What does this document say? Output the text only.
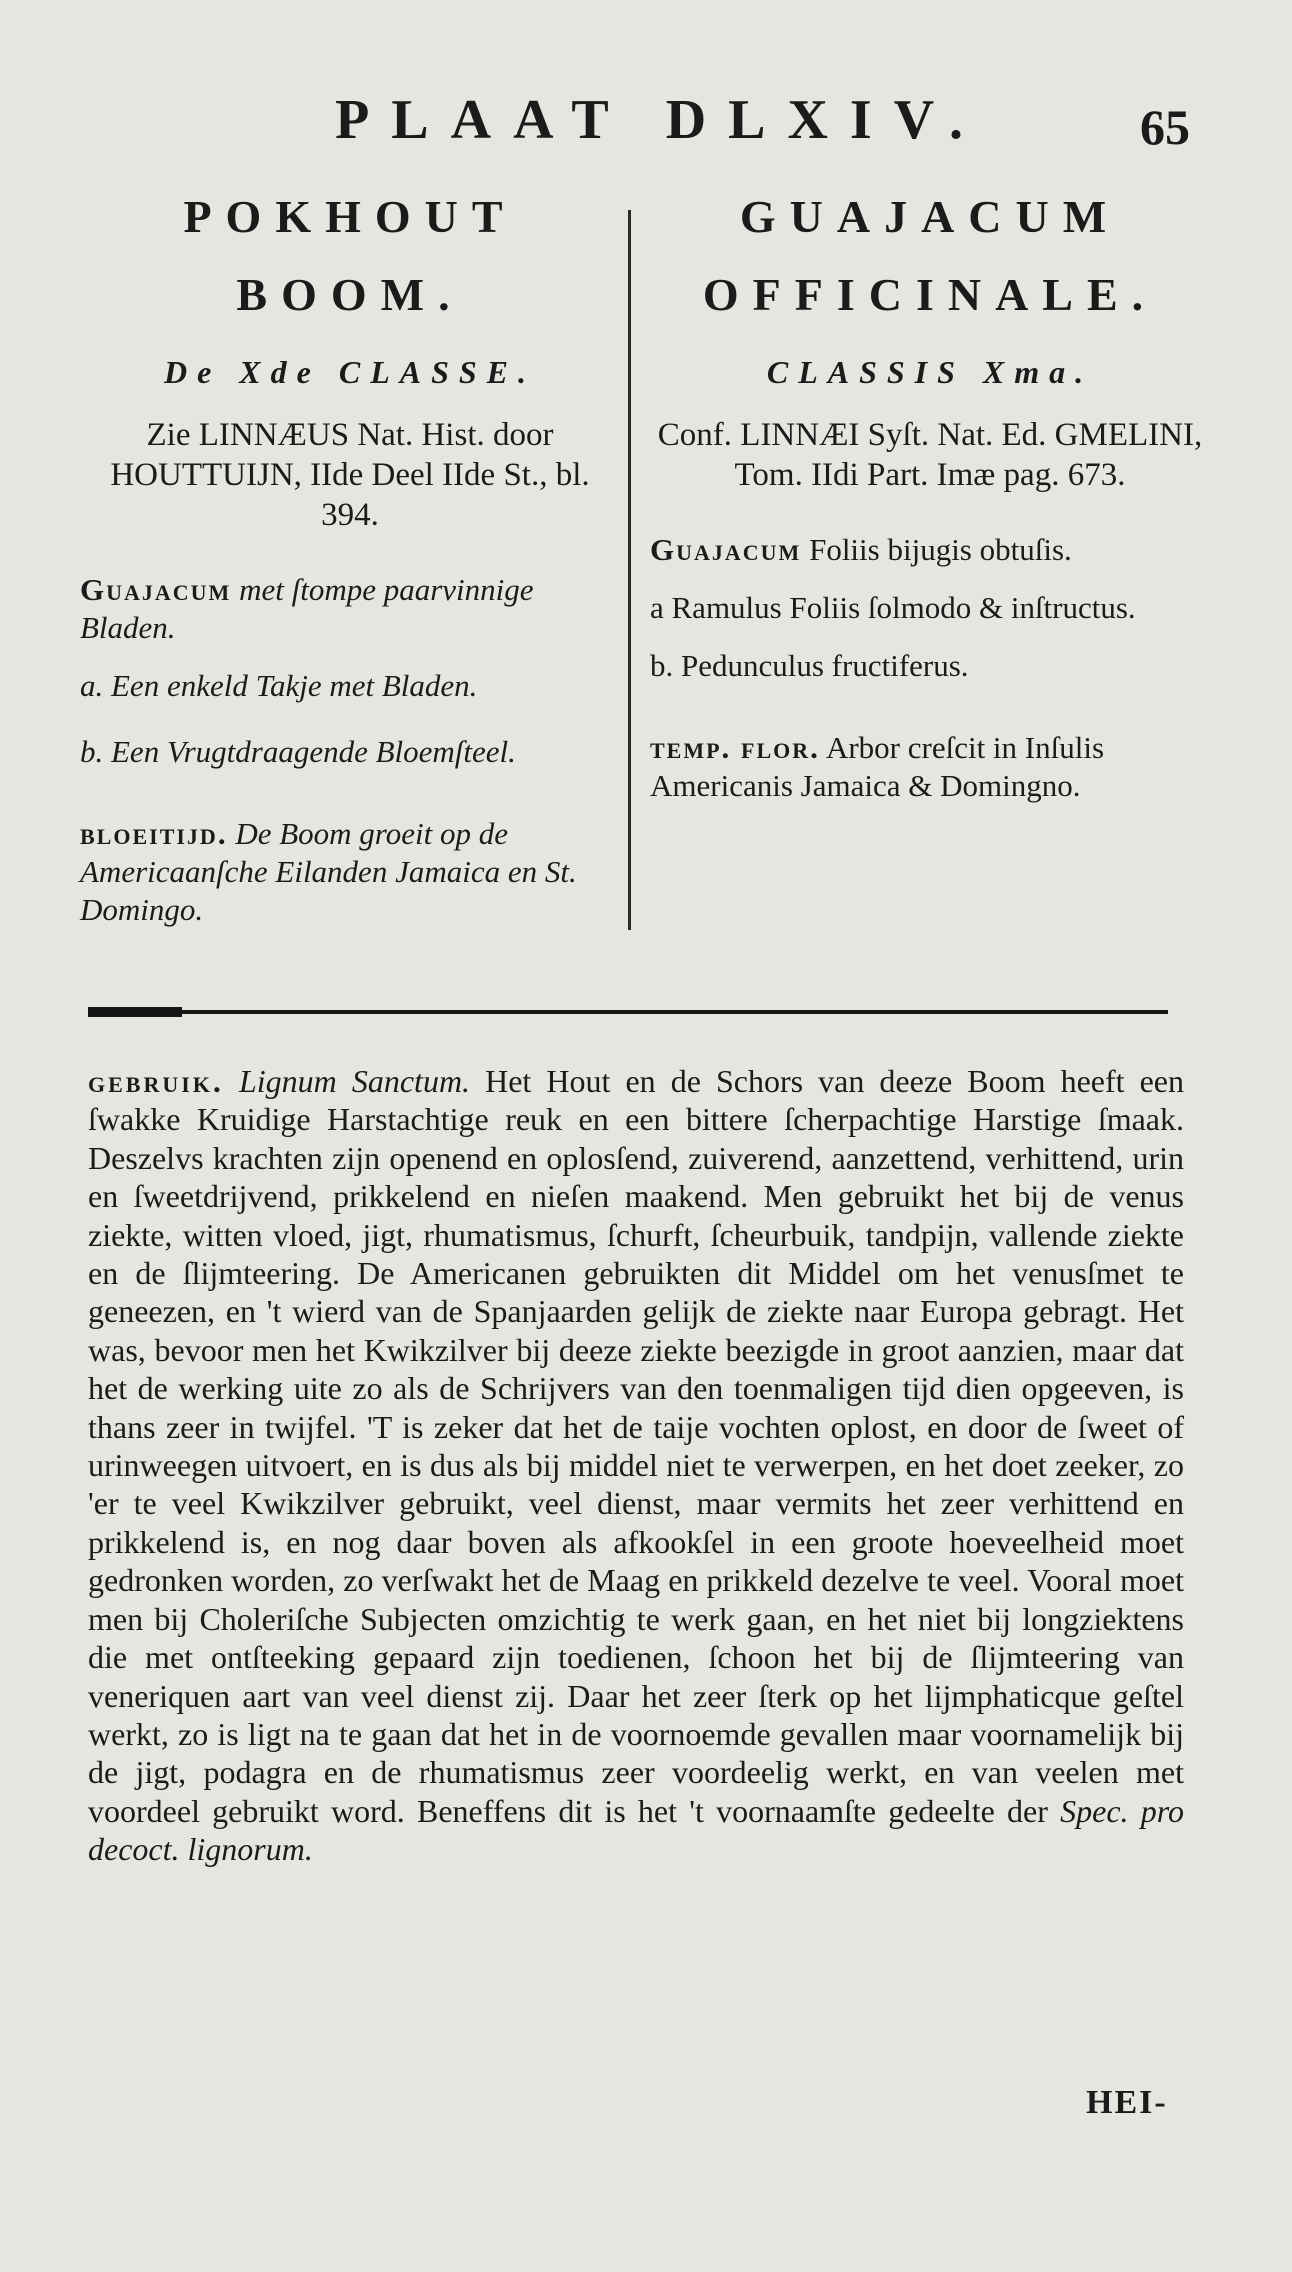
PLAAT DLXIV.	65

POKHOUT

BOOM.

De Xde CLASSE.
Zie LINNÆUS Nat. Hist. door HOUTTUIJN, IIde Deel IIde St., bl. 394.
Guajacum met ſtompe paarvinnige Bladen.
a. Een enkeld Takje met Bladen.
b. Een Vrugtdraagende Bloemſteel.
bloeitijd. De Boom groeit op de Americaanſche Eilanden Jamaica en St. Domingo.

GUAJACUM

OFFICINALE.

CLASSIS Xma.
Conf. LINNÆI Syſt. Nat. Ed. GMELINI, Tom. IIdi Part. Imæ pag. 673.
Guajacum Foliis bijugis obtuſis.
a Ramulus Foliis ſolmodo & inſtructus.
b. Pedunculus fructiferus.
temp. flor. Arbor creſcit in Inſulis Americanis Jamaica & Domingno.
gebruik. Lignum Sanctum. Het Hout en de Schors van deeze Boom heeft een ſwakke Kruidige Harstachtige reuk en een bittere ſcherpachtige Harstige ſmaak. Deszelvs krachten zijn openend en oplosſend, zuiverend, aanzettend, verhittend, urin en ſweetdrijvend, prikkelend en nieſen maakend. Men gebruikt het bij de venus ziekte, witten vloed, jigt, rhumatismus, ſchurft, ſcheurbuik, tandpijn, vallende ziekte en de ſlijmteering. De Americanen gebruikten dit Middel om het venusſmet te geneezen, en 't wierd van de Spanjaarden gelijk de ziekte naar Europa gebragt. Het was, bevoor men het Kwikzilver bij deeze ziekte beezigde in groot aanzien, maar dat het de werking uite zo als de Schrijvers van den toenmaligen tijd dien opgeeven, is thans zeer in twijfel. 'T is zeker dat het de taije vochten oplost, en door de ſweet of urinweegen uitvoert, en is dus als bij middel niet te verwerpen, en het doet zeeker, zo 'er te veel Kwikzilver gebruikt, veel dienst, maar vermits het zeer verhittend en prikkelend is, en nog daar boven als afkookſel in een groote hoeveelheid moet gedronken worden, zo verſwakt het de Maag en prikkeld dezelve te veel. Vooral moet men bij Choleriſche Subjecten omzichtig te werk gaan, en het niet bij longziektens die met ontſteeking gepaard zijn toedienen, ſchoon het bij de ſlijmteering van veneriquen aart van veel dienst zij. Daar het zeer ſterk op het lijmphaticque geſtel werkt, zo is ligt na te gaan dat het in de voornoemde gevallen maar voornamelijk bij de jigt, podagra en de rhumatismus zeer voordeelig werkt, en van veelen met voordeel gebruikt word. Beneffens dit is het 't voornaamſte gedeelte der Spec. pro decoct. lignorum.
HEI-
